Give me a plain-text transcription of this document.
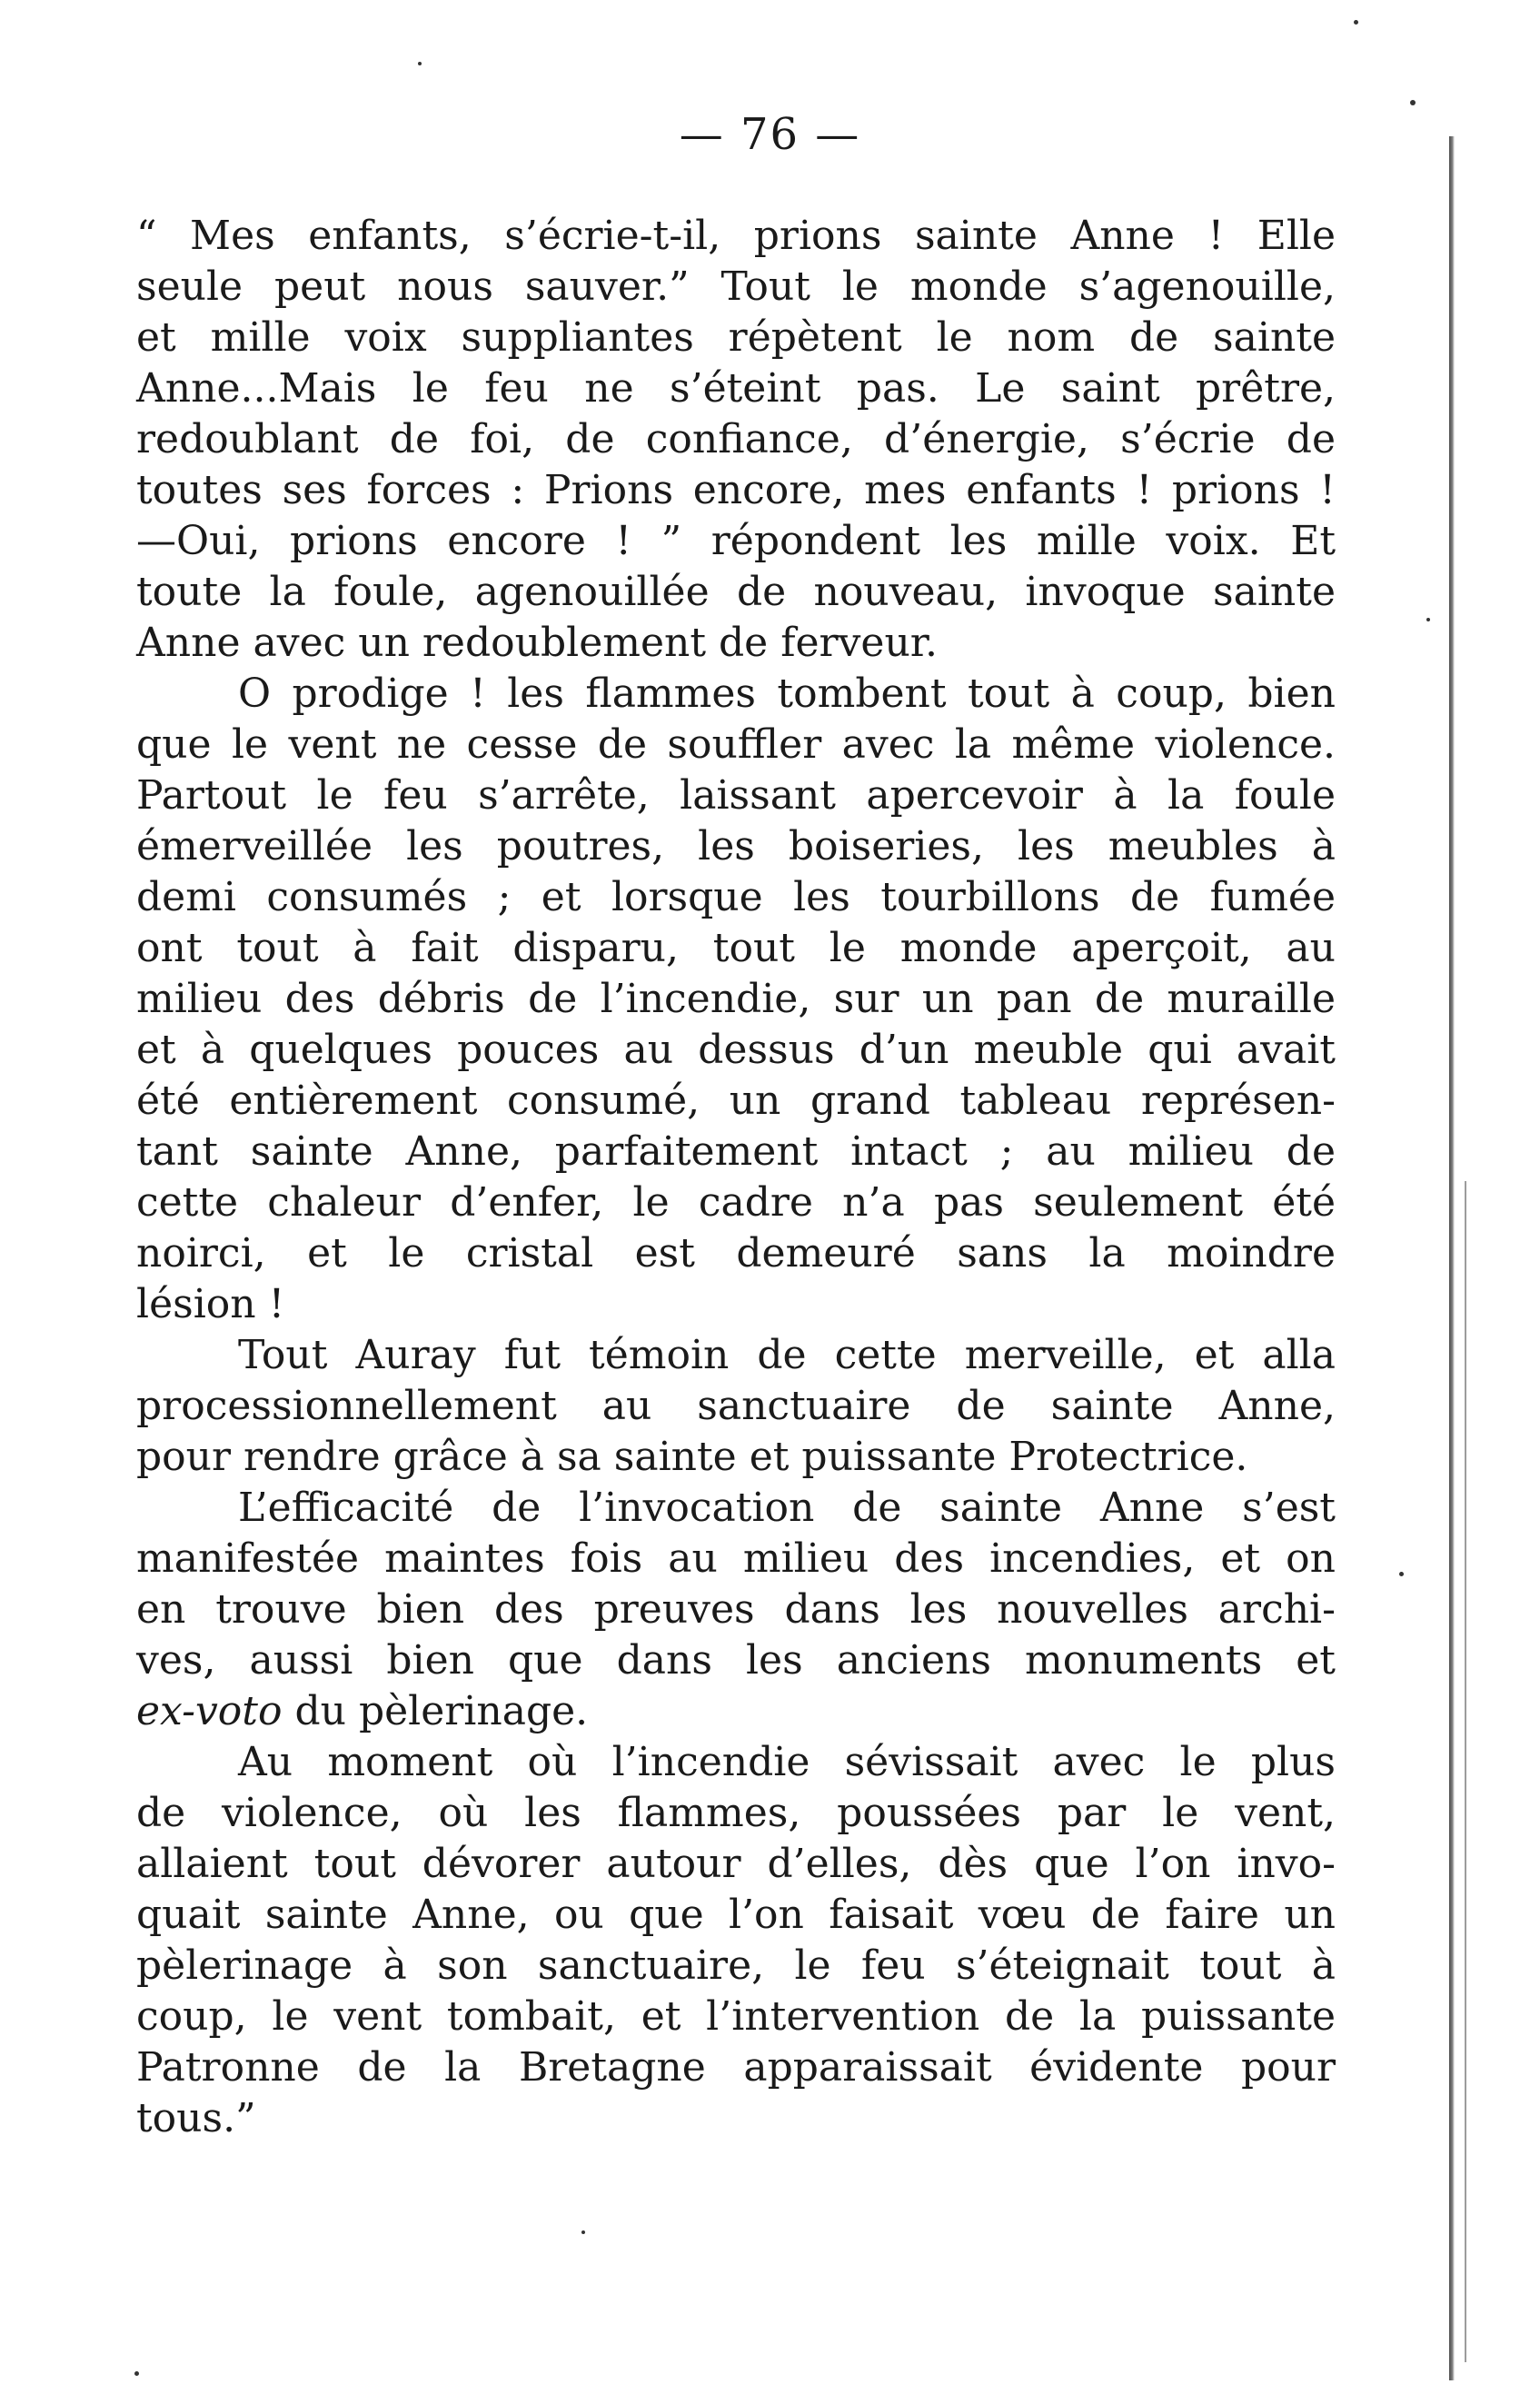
— 76 —
“ Mes enfants, s’écrie-t-il, prions sainte Anne ! Elle
seule peut nous sauver.” Tout le monde s’agenouille,
et mille voix suppliantes répètent le nom de sainte
Anne...Mais le feu ne s’éteint pas. Le saint prêtre,
redoublant de foi, de confiance, d’énergie, s’écrie de
toutes ses forces : Prions encore, mes enfants ! prions !
—Oui, prions encore ! ” répondent les mille voix. Et
toute la foule, agenouillée de nouveau, invoque sainte
Anne avec un redoublement de ferveur.
O prodige ! les flammes tombent tout à coup, bien
que le vent ne cesse de souffler avec la même violence.
Partout le feu s’arrête, laissant apercevoir à la foule
émerveillée les poutres, les boiseries, les meubles à
demi consumés ; et lorsque les tourbillons de fumée
ont tout à fait disparu, tout le monde aperçoit, au
milieu des débris de l’incendie, sur un pan de muraille
et à quelques pouces au dessus d’un meuble qui avait
été entièrement consumé, un grand tableau représen-
tant sainte Anne, parfaitement intact ; au milieu de
cette chaleur d’enfer, le cadre n’a pas seulement été
noirci, et le cristal est demeuré sans la moindre
lésion !
Tout Auray fut témoin de cette merveille, et alla
processionnellement au sanctuaire de sainte Anne,
pour rendre grâce à sa sainte et puissante Protectrice.
L’efficacité de l’invocation de sainte Anne s’est
manifestée maintes fois au milieu des incendies, et on
en trouve bien des preuves dans les nouvelles archi-
ves, aussi bien que dans les anciens monuments et
ex-voto du pèlerinage.
Au moment où l’incendie sévissait avec le plus
de violence, où les flammes, poussées par le vent,
allaient tout dévorer autour d’elles, dès que l’on invo-
quait sainte Anne, ou que l’on faisait vœu de faire un
pèlerinage à son sanctuaire, le feu s’éteignait tout à
coup, le vent tombait, et l’intervention de la puissante
Patronne de la Bretagne apparaissait évidente pour
tous.”
